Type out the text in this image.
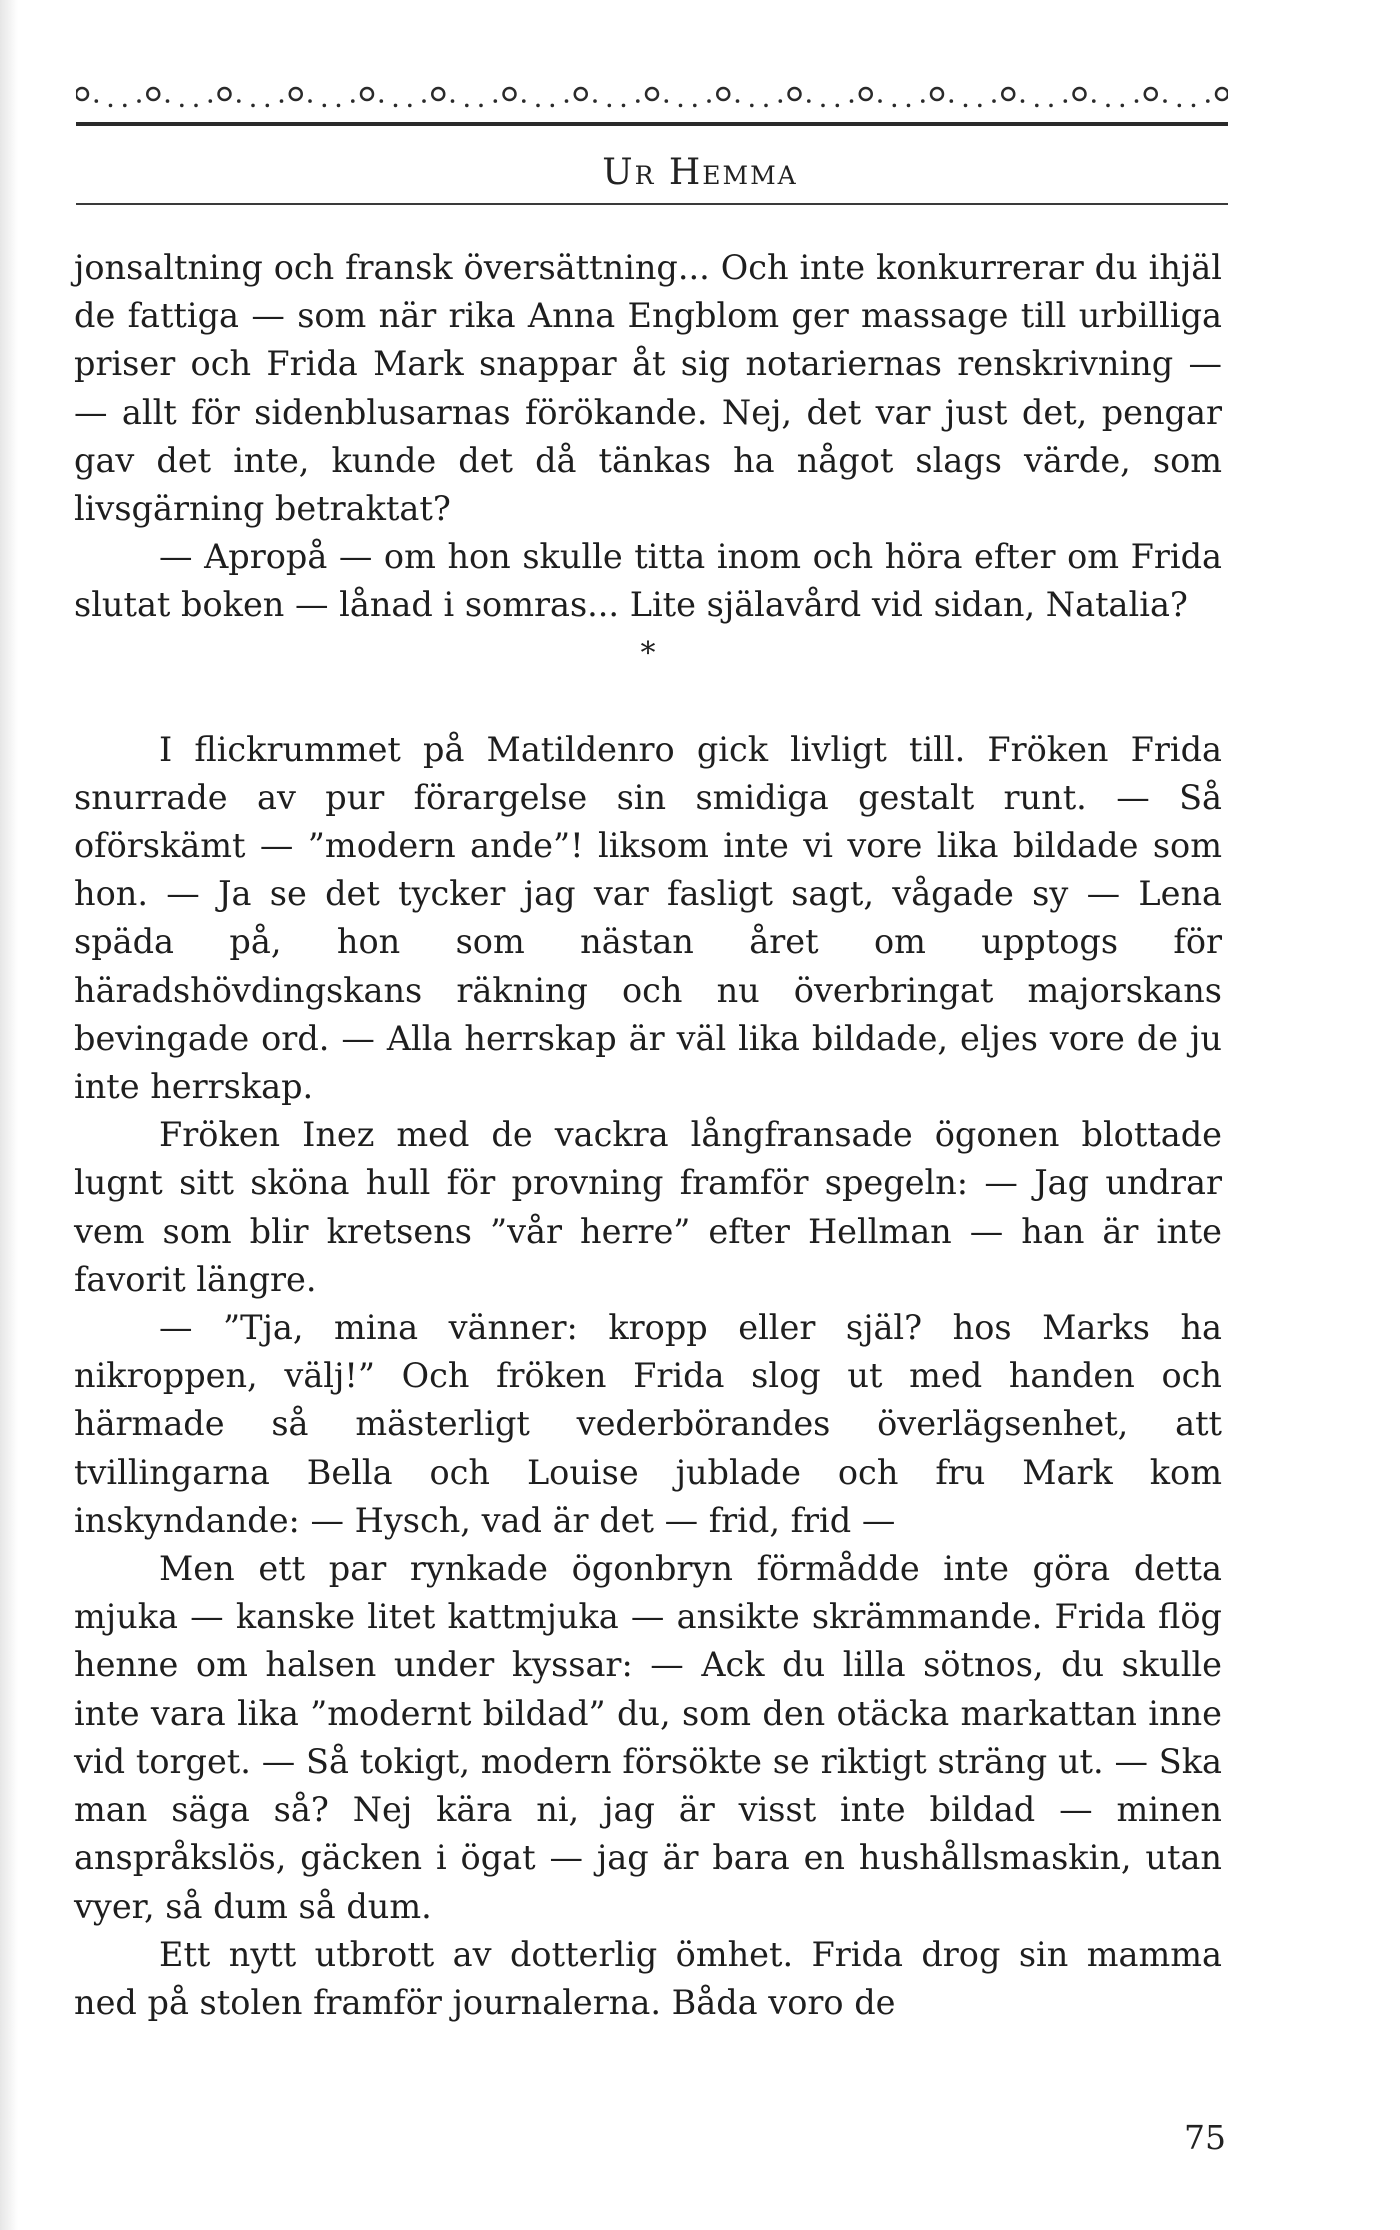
Ur Hemma

jonsaltning och fransk översättning... Och inte konkurrerar du ihjäl de fattiga — som när rika Anna Engblom ger massage till urbilliga priser och Frida Mark snappar åt sig notariernas renskrivning — — allt för sidenblusarnas förökande. Nej, det var just det, pengar gav det inte, kunde det då tänkas ha något slags värde, som livsgärning betraktat?

— Apropå — om hon skulle titta inom och höra efter om Frida slutat boken — lånad i somras... Lite själavård vid sidan, Natalia?

*

I flickrummet på Matildenro gick livligt till. Fröken Frida snurrade av pur förargelse sin smidiga gestalt runt. — Så oförskämt — ”modern ande”! liksom inte vi vore lika bildade som hon. — Ja se det tycker jag var fasligt sagt, vågade sy — Lena späda på, hon som nästan året om upptogs för häradshövdingskans räkning och nu överbringat majorskans bevingade ord. — Alla herrskap är väl lika bildade, eljes vore de ju inte herrskap.

Fröken Inez med de vackra långfransade ögonen blottade lugnt sitt sköna hull för provning framför spegeln: — Jag undrar vem som blir kretsens ”vår herre” efter Hellman — han är inte favorit längre.

— ”Tja, mina vänner: kropp eller själ? hos Marks ha nikroppen, välj!” Och fröken Frida slog ut med handen och härmade så mästerligt vederbörandes överlägsenhet, att tvillingarna Bella och Louise jublade och fru Mark kom inskyndande: — Hysch, vad är det — frid, frid —

Men ett par rynkade ögonbryn förmådde inte göra detta mjuka — kanske litet kattmjuka — ansikte skrämmande. Frida flög henne om halsen under kyssar: — Ack du lilla sötnos, du skulle inte vara lika ”modernt bildad” du, som den otäcka markattan inne vid torget. — Så tokigt, modern försökte se riktigt sträng ut. — Ska man säga så? Nej kära ni, jag är visst inte bildad — minen anspråkslös, gäcken i ögat — jag är bara en hushållsmaskin, utan vyer, så dum så dum.

Ett nytt utbrott av dotterlig ömhet. Frida drog sin mamma ned på stolen framför journalerna. Båda voro de

75
